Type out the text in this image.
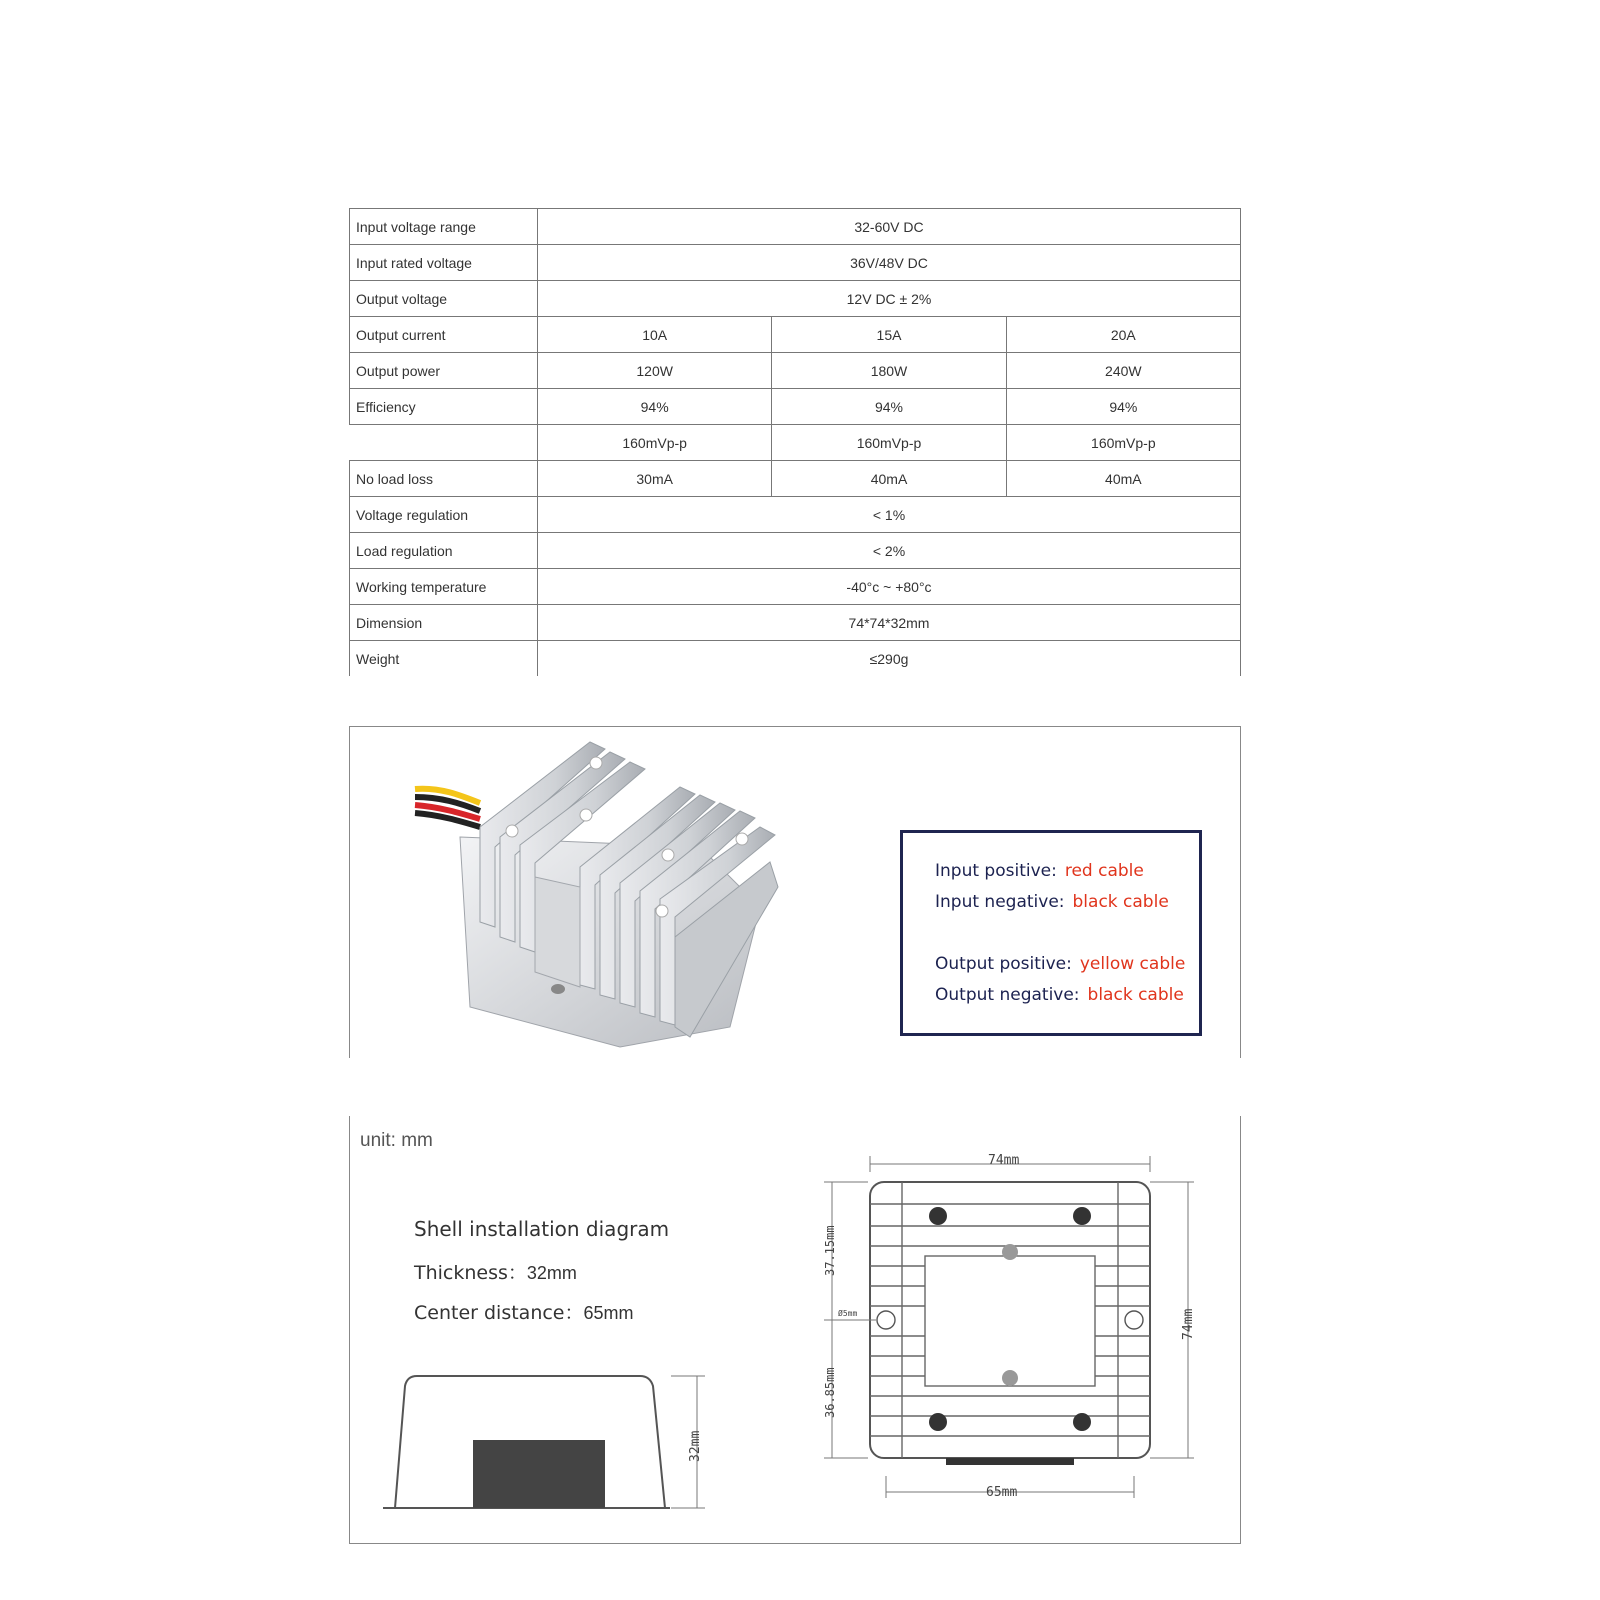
Input voltage range	32-60V DC		
Input rated voltage	36V/48V DC		
Output voltage	12V DC ± 2%		
Output current	10A	15A	20A
Output power	120W	180W	240W
Efficiency	94%	94%	94%
	160mVp-p	160mVp-p	160mVp-p
No load loss	30mA	40mA	40mA
Voltage regulation	< 1%		
Load regulation	< 2%		
Working temperature	-40°c ~ +80°c		
Dimension	74*74*32mm		
Weight	≤290g		
Input positive: red cable
Input negative: black cable
Output positive: yellow cable
Output negative: black cable
unit: mm
Shell installation diagram
Thickness：32mm
Center distance：65mm
32mm
74mm
74mm
37.15mm
36.85mm
Ø5mm
65mm
